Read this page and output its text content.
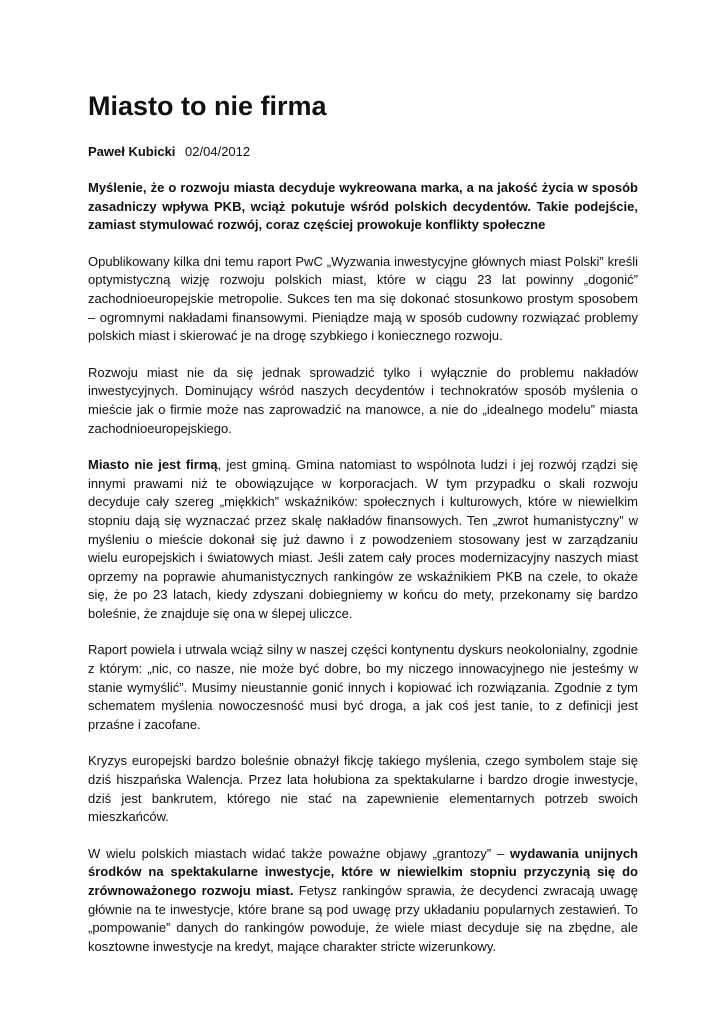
Miasto to nie firma
Paweł Kubicki 02/04/2012

Myślenie, że o rozwoju miasta decyduje wykreowana marka, a na jakość życia w sposób zasadniczy wpływa PKB, wciąż pokutuje wśród polskich decydentów. Takie podejście, zamiast stymulować rozwój, coraz częściej prowokuje konflikty społeczne

Opublikowany kilka dni temu raport PwC „Wyzwania inwestycyjne głównych miast Polski” kreśli optymistyczną wizję rozwoju polskich miast, które w ciągu 23 lat powinny „dogonić” zachodnioeuropejskie metropolie. Sukces ten ma się dokonać stosunkowo prostym sposobem – ogromnymi nakładami finansowymi. Pieniądze mają w sposób cudowny rozwiązać problemy polskich miast i skierować je na drogę szybkiego i koniecznego rozwoju.

Rozwoju miast nie da się jednak sprowadzić tylko i wyłącznie do problemu nakładów inwestycyjnych. Dominujący wśród naszych decydentów i technokratów sposób myślenia o mieście jak o firmie może nas zaprowadzić na manowce, a nie do „idealnego modelu” miasta zachodnioeuropejskiego.

Miasto nie jest firmą, jest gminą. Gmina natomiast to wspólnota ludzi i jej rozwój rządzi się innymi prawami niż te obowiązujące w korporacjach. W tym przypadku o skali rozwoju decyduje cały szereg „miękkich” wskaźników: społecznych i kulturowych, które w niewielkim stopniu dają się wyznaczać przez skalę nakładów finansowych. Ten „zwrot humanistyczny” w myśleniu o mieście dokonał się już dawno i z powodzeniem stosowany jest w zarządzaniu wielu europejskich i światowych miast. Jeśli zatem cały proces modernizacyjny naszych miast oprzemy na poprawie ahumanistycznych rankingów ze wskaźnikiem PKB na czele, to okaże się, że po 23 latach, kiedy zdyszani dobiegniemy w końcu do mety, przekonamy się bardzo boleśnie, że znajduje się ona w ślepej uliczce.

Raport powiela i utrwala wciąż silny w naszej części kontynentu dyskurs neokolonialny, zgodnie z którym: „nic, co nasze, nie może być dobre, bo my niczego innowacyjnego nie jesteśmy w stanie wymyślić”. Musimy nieustannie gonić innych i kopiować ich rozwiązania. Zgodnie z tym schematem myślenia nowoczesność musi być droga, a jak coś jest tanie, to z definicji jest przaśne i zacofane.

Kryzys europejski bardzo boleśnie obnażył fikcję takiego myślenia, czego symbolem staje się dziś hiszpańska Walencja. Przez lata hołubiona za spektakularne i bardzo drogie inwestycje, dziś jest bankrutem, którego nie stać na zapewnienie elementarnych potrzeb swoich mieszkańców.

W wielu polskich miastach widać także poważne objawy „grantozy” – wydawania unijnych środków na spektakularne inwestycje, które w niewielkim stopniu przyczynią się do zrównoważonego rozwoju miast. Fetysz rankingów sprawia, że decydenci zwracają uwagę głównie na te inwestycje, które brane są pod uwagę przy układaniu popularnych zestawień. To „pompowanie” danych do rankingów powoduje, że wiele miast decyduje się na zbędne, ale kosztowne inwestycje na kredyt, mające charakter stricte wizerunkowy.
